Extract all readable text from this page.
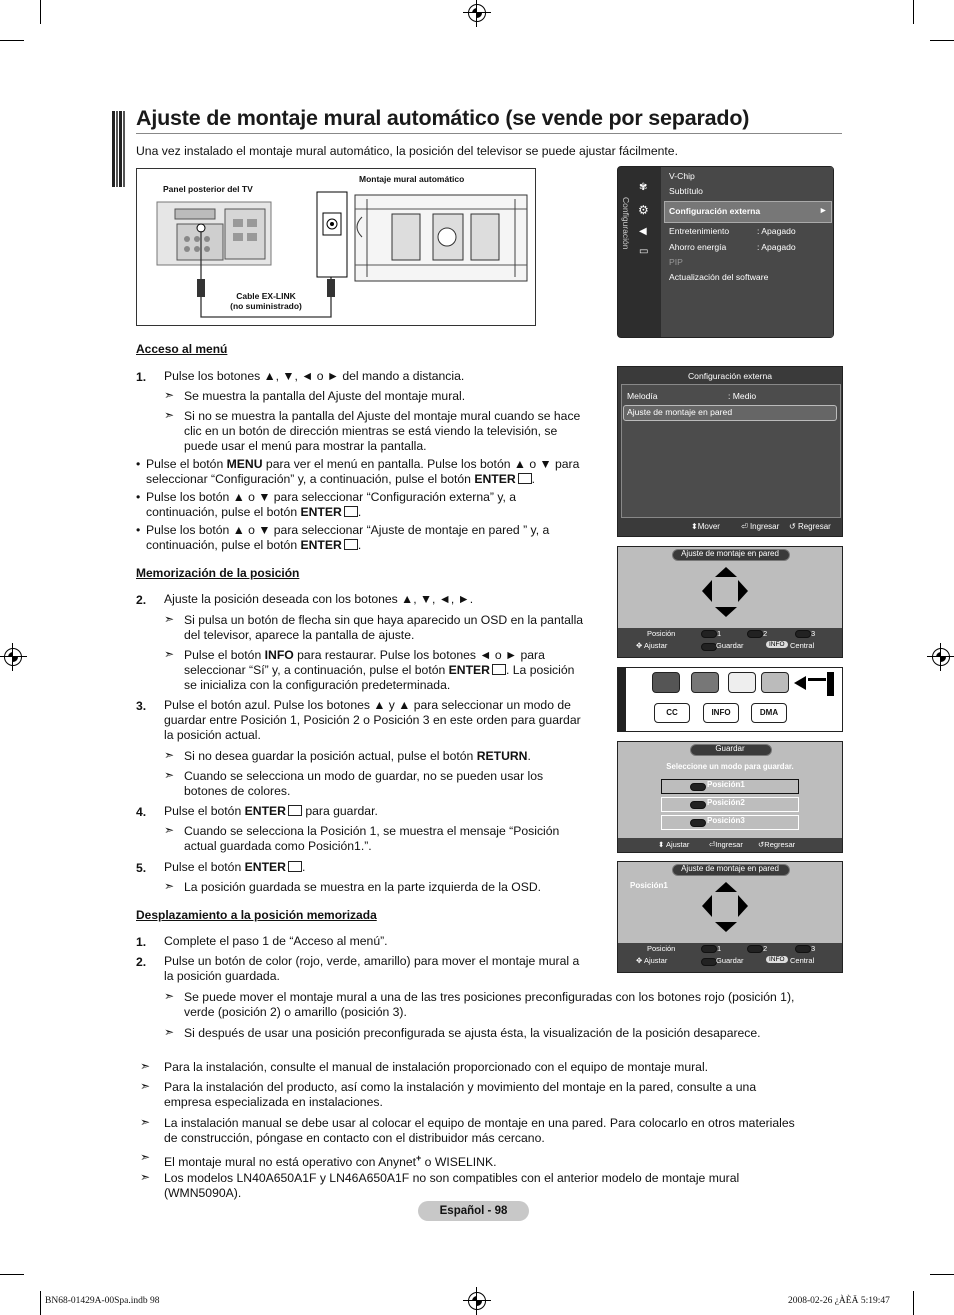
Ajuste de montaje mural automático (se vende por separado)
Una vez instalado el montaje mural automático, la posición del televisor se puede ajustar fácilmente.
Panel posterior del TV
Montaje mural automático
Cable EX-LINK
(no suministrado)
Configuración
✾
⚙
◀
▭
V-Chip
Subtítulo
Configuración externa	►
Entretenimiento	: Apagado
Ahorro energía	: Apagado
PIP
Actualización del software
Configuración externa
Melodía	: Medio
Ajuste de montaje en pared
⬍Mover	⏎ Ingresar ↺ Regresar
Ajuste de montaje en pared
Posición	1	2	3
✥ Ajustar	Guardar	INFO Central
CC	INFO	DMA
Guardar
Seleccione un modo para guardar.
Posición1
Posición2
Posición3
⬍ Ajustar	⏎Ingresar ↺Regresar
Ajuste de montaje en pared
Posición1
Posición	1	2	3
✥ Ajustar	Guardar	INFO Central
Acceso al menú
1. Pulse los botones ▲, ▼, ◄ o ► del mando a distancia.
➣ Se muestra la pantalla del Ajuste del montaje mural.
➣ Si no se muestra la pantalla del Ajuste del montaje mural cuando se hace
clic en un botón de dirección mientras se está viendo la televisión, se
puede usar el menú para mostrar la pantalla.
• Pulse el botón MENU para ver el menú en pantalla. Pulse los botón ▲ o ▼ para
seleccionar “Configuración” y, a continuación, pulse el botón ENTER .
• Pulse los botón ▲ o ▼ para seleccionar “Configuración externa” y, a
continuación, pulse el botón ENTER .
• Pulse los botón ▲ o ▼ para seleccionar “Ajuste de montaje en pared ” y, a
continuación, pulse el botón ENTER .
Memorización de la posición
2. Ajuste la posición deseada con los botones ▲, ▼, ◄, ►.
➣ Si pulsa un botón de flecha sin que haya aparecido un OSD en la pantalla
del televisor, aparece la pantalla de ajuste.
➣ Pulse el botón INFO para restaurar. Pulse los botones ◄ o ► para
seleccionar “Sí” y, a continuación, pulse el botón ENTER . La posición
se inicializa con la configuración predeterminada.
3. Pulse el botón azul. Pulse los botones ▲ y ▲ para seleccionar un modo de
guardar entre Posición 1, Posición 2 o Posición 3 en este orden para guardar
la posición actual.
➣ Si no desea guardar la posición actual, pulse el botón RETURN.
➣ Cuando se selecciona un modo de guardar, no se pueden usar los
botones de colores.
4. Pulse el botón ENTER para guardar.
➣ Cuando se selecciona la Posición 1, se muestra el mensaje “Posición
actual guardada como Posición1.”.
5. Pulse el botón ENTER .
➣ La posición guardada se muestra en la parte izquierda de la OSD.
Desplazamiento a la posición memorizada
1. Complete el paso 1 de “Acceso al menú”.
2. Pulse un botón de color (rojo, verde, amarillo) para mover el montaje mural a
la posición guardada.
➣ Se puede mover el montaje mural a una de las tres posiciones preconfiguradas con los botones rojo (posición 1),
verde (posición 2) o amarillo (posición 3).
➣ Si después de usar una posición preconfigurada se ajusta ésta, la visualización de la posición desaparece.
➣ Para la instalación, consulte el manual de instalación proporcionado con el equipo de montaje mural.
➣ Para la instalación del producto, así como la instalación y movimiento del montaje en la pared, consulte a una
empresa especializada en instalaciones.
➣ La instalación manual se debe usar al colocar el equipo de montaje en una pared. Para colocarlo en otros materiales
de construcción, póngase en contacto con el distribuidor más cercano.
➣ El montaje mural no está operativo con Anynet+ o WISELINK.
➣ Los modelos LN40A650A1F y LN46A650A1F no son compatibles con el anterior modelo de montaje mural
(WMN5090A).
Español - 98
BN68-01429A-00Spa.indb 98	2008-02-26 ¿ÀÈÄ 5:19:47
